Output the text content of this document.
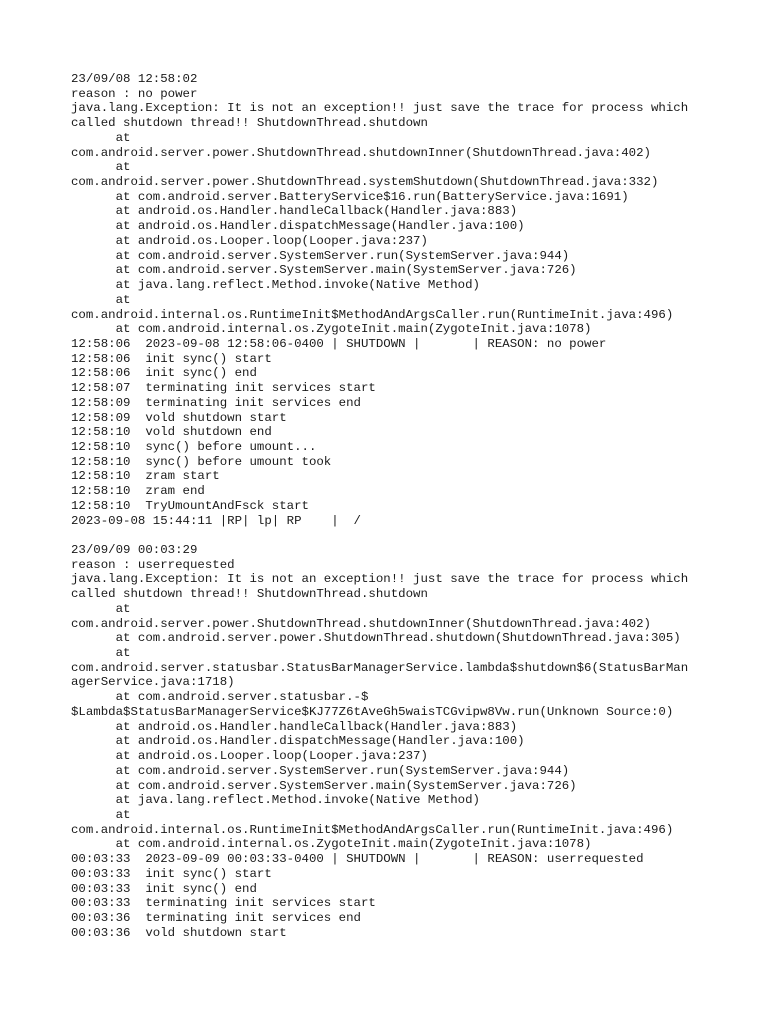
23/09/08 12:58:02
reason : no power
java.lang.Exception: It is not an exception!! just save the trace for process which
called shutdown thread!! ShutdownThread.shutdown
at
com.android.server.power.ShutdownThread.shutdownInner(ShutdownThread.java:402)
at
com.android.server.power.ShutdownThread.systemShutdown(ShutdownThread.java:332)
at com.android.server.BatteryService$16.run(BatteryService.java:1691)
at android.os.Handler.handleCallback(Handler.java:883)
at android.os.Handler.dispatchMessage(Handler.java:100)
at android.os.Looper.loop(Looper.java:237)
at com.android.server.SystemServer.run(SystemServer.java:944)
at com.android.server.SystemServer.main(SystemServer.java:726)
at java.lang.reflect.Method.invoke(Native Method)
at
com.android.internal.os.RuntimeInit$MethodAndArgsCaller.run(RuntimeInit.java:496)
at com.android.internal.os.ZygoteInit.main(ZygoteInit.java:1078)
12:58:06  2023-09-08 12:58:06-0400 | SHUTDOWN |       | REASON: no power
12:58:06  init sync() start
12:58:06  init sync() end
12:58:07  terminating init services start
12:58:09  terminating init services end
12:58:09  vold shutdown start
12:58:10  vold shutdown end
12:58:10  sync() before umount...
12:58:10  sync() before umount took
12:58:10  zram start
12:58:10  zram end
12:58:10  TryUmountAndFsck start
2023-09-08 15:44:11 |RP| lp| RP    |  /
23/09/09 00:03:29
reason : userrequested
java.lang.Exception: It is not an exception!! just save the trace for process which
called shutdown thread!! ShutdownThread.shutdown
at
com.android.server.power.ShutdownThread.shutdownInner(ShutdownThread.java:402)
at com.android.server.power.ShutdownThread.shutdown(ShutdownThread.java:305)
at
com.android.server.statusbar.StatusBarManagerService.lambda$shutdown$6(StatusBarMan
agerService.java:1718)
at com.android.server.statusbar.-$
$Lambda$StatusBarManagerService$KJ77Z6tAveGh5waisTCGvipw8Vw.run(Unknown Source:0)
at android.os.Handler.handleCallback(Handler.java:883)
at android.os.Handler.dispatchMessage(Handler.java:100)
at android.os.Looper.loop(Looper.java:237)
at com.android.server.SystemServer.run(SystemServer.java:944)
at com.android.server.SystemServer.main(SystemServer.java:726)
at java.lang.reflect.Method.invoke(Native Method)
at
com.android.internal.os.RuntimeInit$MethodAndArgsCaller.run(RuntimeInit.java:496)
at com.android.internal.os.ZygoteInit.main(ZygoteInit.java:1078)
00:03:33  2023-09-09 00:03:33-0400 | SHUTDOWN |       | REASON: userrequested
00:03:33  init sync() start
00:03:33  init sync() end
00:03:33  terminating init services start
00:03:36  terminating init services end
00:03:36  vold shutdown start
